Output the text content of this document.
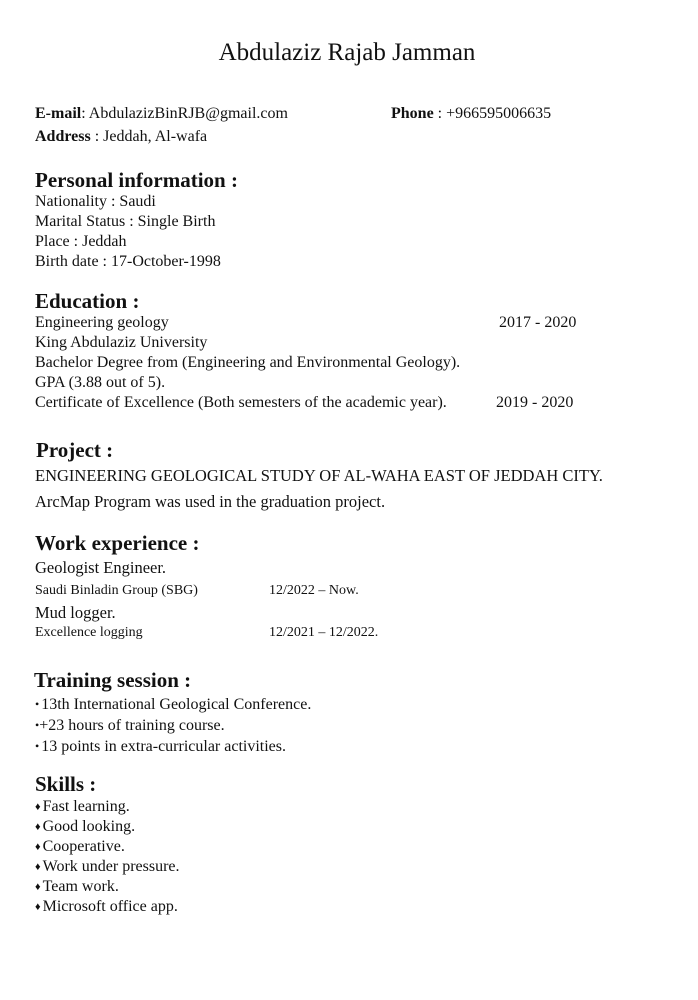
Abdulaziz Rajab Jamman
E-mail: AbdulazizBinRJB@gmail.com	Phone : +966595006635
Address : Jeddah, Al-wafa
Personal information :
Nationality : Saudi
Marital Status : Single Birth
Place : Jeddah
Birth date : 17-October-1998
Education :
Engineering geology	2017 - 2020
King Abdulaziz University
Bachelor Degree from (Engineering and Environmental Geology).
GPA (3.88 out of 5).
Certificate of Excellence (Both semesters of the academic year).	2019 - 2020
Project :
ENGINEERING GEOLOGICAL STUDY OF AL-WAHA EAST OF JEDDAH CITY.
ArcMap Program was used in the graduation project.
Work experience :
Geologist Engineer.
Saudi Binladin Group (SBG)	12/2022 – Now.
Mud logger.
Excellence logging	12/2021 – 12/2022.
Training session :
• 13th International Geological Conference.
•+23 hours of training course.
• 13 points in extra-curricular activities.
Skills :
♦ Fast learning.
♦ Good looking.
♦ Cooperative.
♦ Work under pressure.
♦ Team work.
♦ Microsoft office app.
